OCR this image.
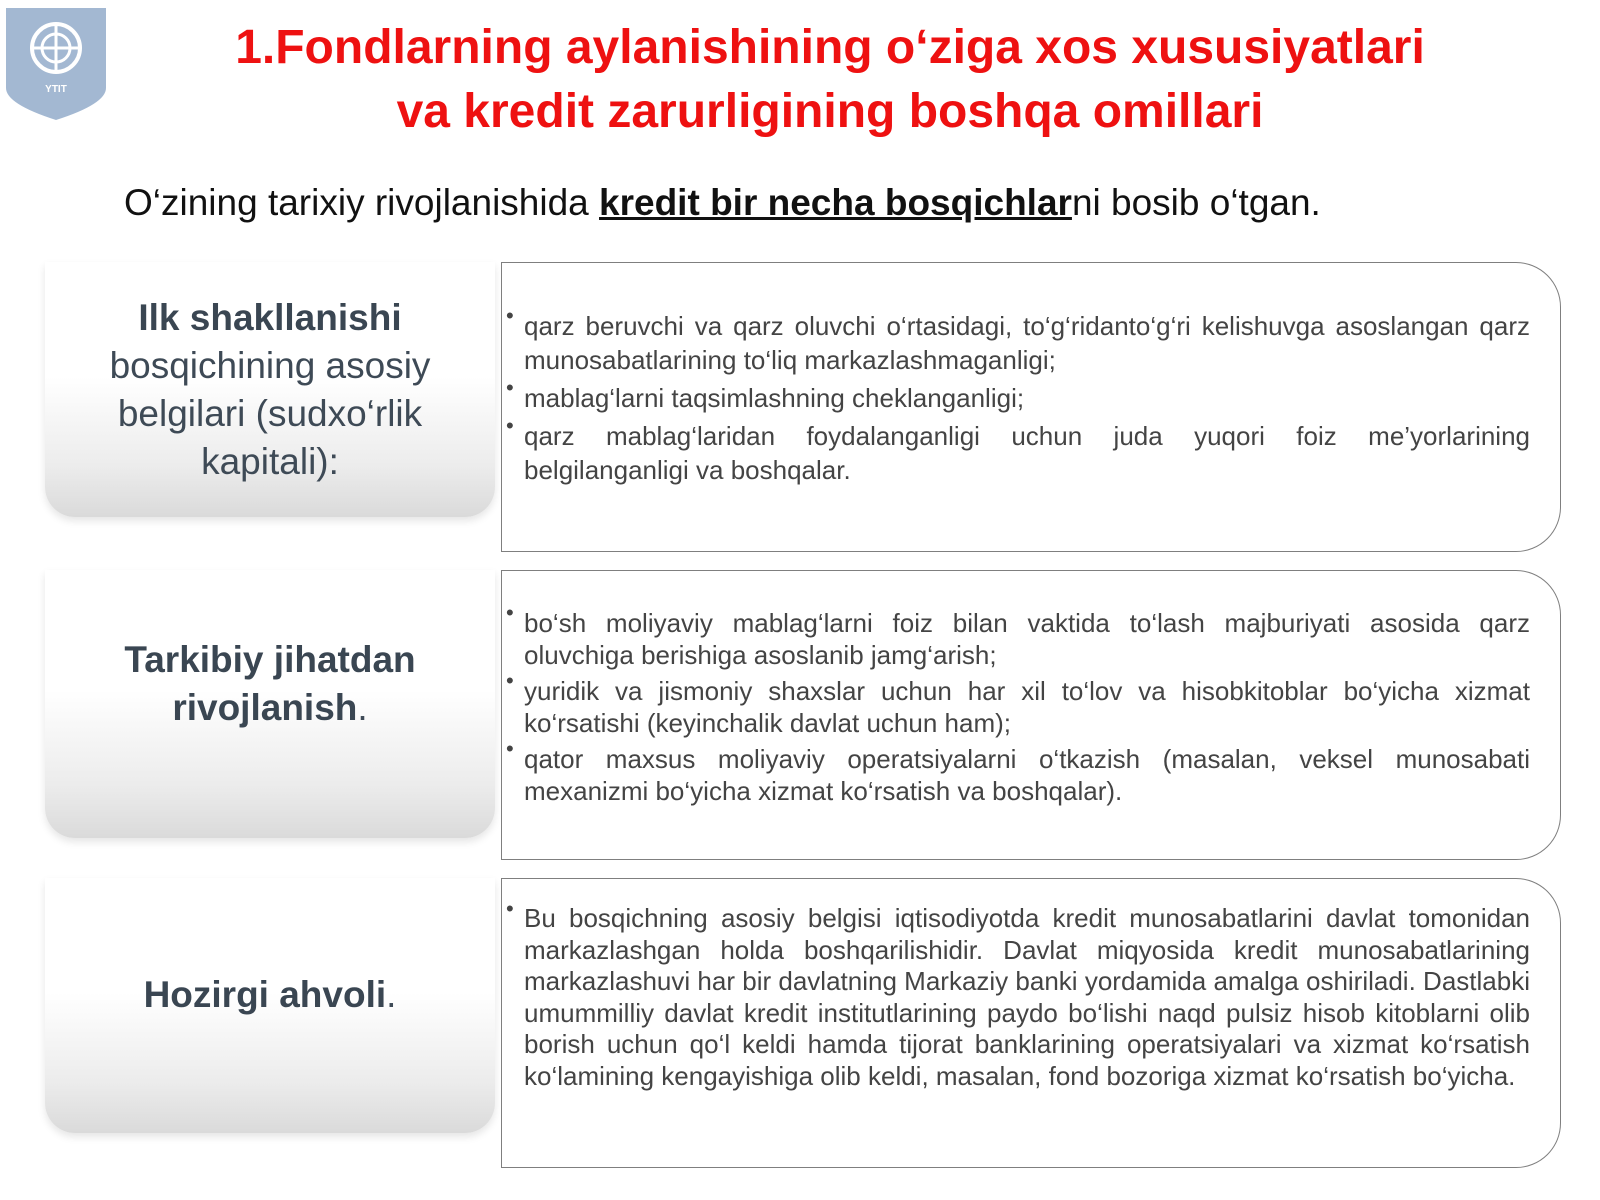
YTIT
1.Fondlarning aylanishining o‘ziga xos xususiyatlari
va kredit zarurligining boshqa omillari

O‘zining tarixiy rivojlanishida kredit bir necha bosqichlarni bosib o‘tgan.

Ilk shakllanishi
bosqichining asosiy belgilari (sudxo‘rlik kapitali):

• qarz beruvchi va qarz oluvchi o‘rtasidagi, to‘g‘ridanto‘g‘ri kelishuvga asoslangan qarz munosabatlarining to‘liq markazlashmaganligi;
• mablag‘larni taqsimlashning cheklanganligi;
• qarz mablag‘laridan foydalanganligi uchun juda yuqori foiz me’yorlarining belgilanganligi va boshqalar.

Tarkibiy jihatdan rivojlanish.

• bo‘sh moliyaviy mablag‘larni foiz bilan vaktida to‘lash majburiyati asosida qarz oluvchiga berishiga asoslanib jamg‘arish;
• yuridik va jismoniy shaxslar uchun har xil to‘lov va hisobkitoblar bo‘yicha xizmat ko‘rsatishi (keyinchalik davlat uchun ham);
• qator maxsus moliyaviy operatsiyalarni o‘tkazish (masalan, veksel munosabati mexanizmi bo‘yicha xizmat ko‘rsatish va boshqalar).

Hozirgi ahvoli.

• Bu bosqichning asosiy belgisi iqtisodiyotda kredit munosabatlarini davlat tomonidan markazlashgan holda boshqarilishidir. Davlat miqyosida kredit munosabatlarining markazlashuvi har bir davlatning Markaziy banki yordamida amalga oshiriladi. Dastlabki umummilliy davlat kredit institutlarining paydo bo‘lishi naqd pulsiz hisob kitoblarni olib borish uchun qo‘l keldi hamda tijorat banklarining operatsiyalari va xizmat ko‘rsatish ko‘lamining kengayishiga olib keldi, masalan, fond bozoriga xizmat ko‘rsatish bo‘yicha.
